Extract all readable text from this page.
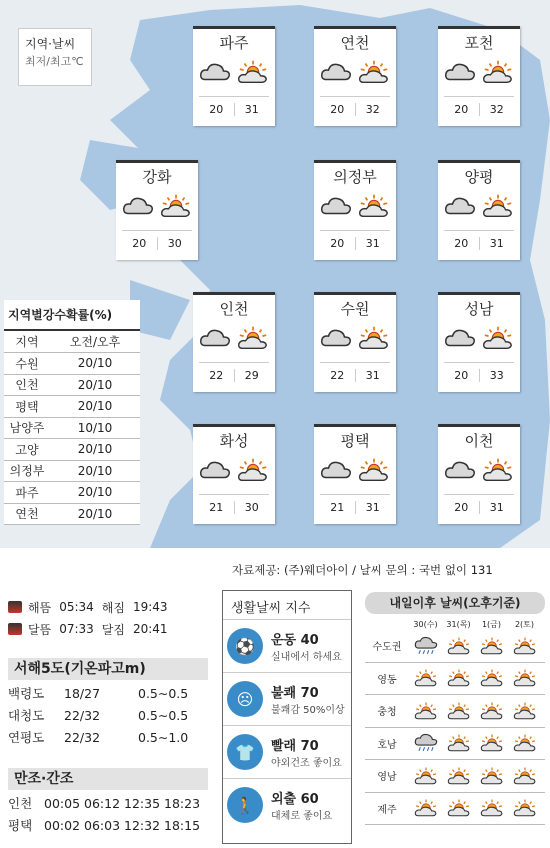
지역·날씨
최저/최고℃
파주
20	31
연천
20	32
포천
20	32
강화
20	30
의정부
20	31
양평
20	31
인천
22	29
수원
22	31
성남
20	33
화성
21	30
평택
21	31
이천
20	31
지역별강수확률(%)
지역	오전/오후
수원	20/10
인천	20/10
평택	20/10
남양주	10/10
고양	20/10
의정부	20/10
파주	20/10
연천	20/10
자료제공: (주)웨더아이 / 날씨 문의 : 국번 없이 131
해뜸 05:34 해짐 19:43
달뜸 07:33 달짐 20:41
서해5도(기온파고m)
백령도	18/27	0.5∼0.5
대청도	22/32	0.5∼0.5
연평도	22/32	0.5∼1.0
만조·간조
인천 00:05 06:12 12:35 18:23
평택 00:02 06:03 12:32 18:15
생활날씨 지수
⚽	운동 40
실내에서 하세요
☹	불쾌 70
불쾌감 50%이상
👕	빨래 70
야외건조 좋이요
🚶	외출 60
대체로 좋이요
내일이후 날씨(오후기준)
30(수)	31(목)	1(금)	2(토)
수도권
영동
충청
호남
영남
제주
